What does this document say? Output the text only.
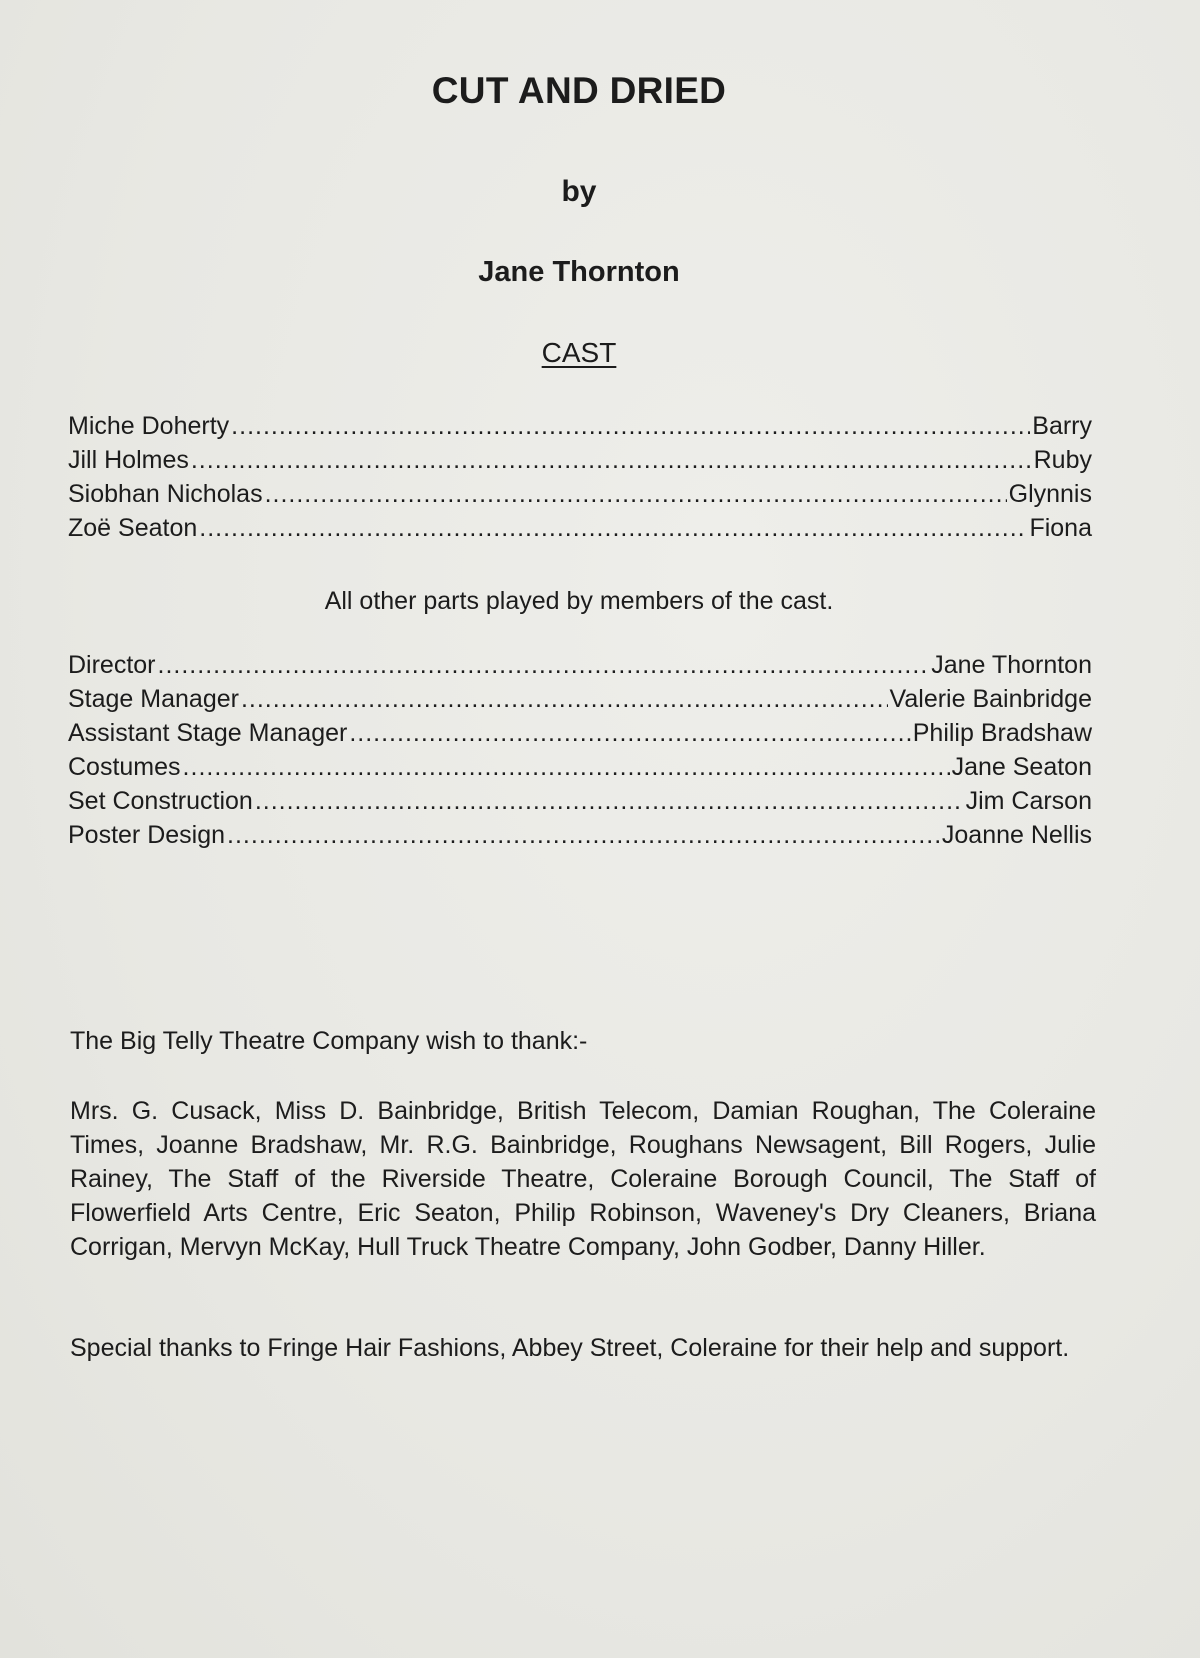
CUT AND DRIED
by
Jane Thornton
CAST
Miche Doherty .....	Barry
Jill Holmes .....	Ruby
Siobhan Nicholas .....	Glynnis
Zoë Seaton .....	Fiona
All other parts played by members of the cast.
Director .....	Jane Thornton
Stage Manager .....	Valerie Bainbridge
Assistant Stage Manager .....	Philip Bradshaw
Costumes .....	Jane Seaton
Set Construction .....	Jim Carson
Poster Design .....	Joanne Nellis
The Big Telly Theatre Company wish to thank:-

Mrs. G. Cusack, Miss D. Bainbridge, British Telecom, Damian Roughan, The Coleraine Times, Joanne Bradshaw, Mr. R.G. Bainbridge, Roughans Newsagent, Bill Rogers, Julie Rainey, The Staff of the Riverside Theatre, Coleraine Borough Council, The Staff of Flowerfield Arts Centre, Eric Seaton, Philip Robinson, Waveney's Dry Cleaners, Briana Corrigan, Mervyn McKay, Hull Truck Theatre Company, John Godber, Danny Hiller.

Special thanks to Fringe Hair Fashions, Abbey Street, Coleraine for their help and support.
